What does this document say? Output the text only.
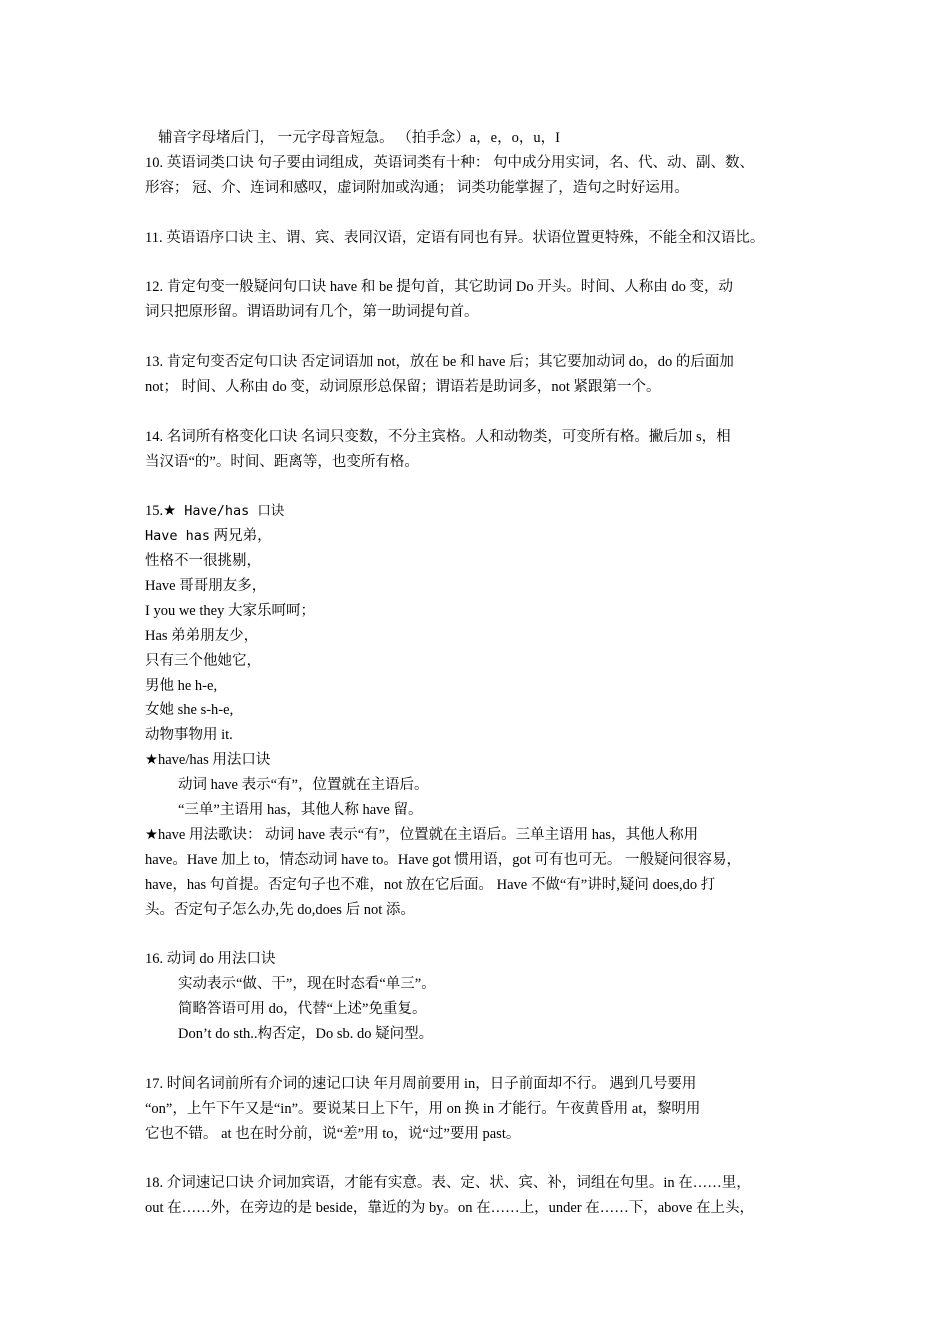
辅音字母堵后门， 一元字母音短急。 （拍手念）a，e，o，u，I
10. 英语词类口诀 句子要由词组成，英语词类有十种： 句中成分用实词，名、代、动、副、数、
形容； 冠、介、连词和感叹，虚词附加或沟通； 词类功能掌握了，造句之时好运用。
11. 英语语序口诀 主、谓、宾、表同汉语，定语有同也有异。状语位置更特殊，不能全和汉语比。
12. 肯定句变一般疑问句口诀 have 和 be 提句首，其它助词 Do 开头。时间、人称由 do 变，动
词只把原形留。谓语助词有几个，第一助词提句首。
13. 肯定句变否定句口诀 否定词语加 not，放在 be 和 have 后；其它要加动词 do，do 的后面加
not； 时间、人称由 do 变，动词原形总保留；谓语若是助词多，not 紧跟第一个。
14. 名词所有格变化口诀 名词只变数，不分主宾格。人和动物类，可变所有格。撇后加 s，相
当汉语“的”。时间、距离等，也变所有格。
15.★ Have/has 口诀
Have has 两兄弟，
性格不一很挑剔，
Have 哥哥朋友多，
I you we they 大家乐呵呵；
Has 弟弟朋友少，
只有三个他她它，
男他 he h-e,
女她 she s-h-e,
动物事物用 it.
★have/has 用法口诀
动词 have 表示“有”，位置就在主语后。
“三单”主语用 has，其他人称 have 留。
★have 用法歌诀： 动词 have 表示“有”，位置就在主语后。三单主语用 has，其他人称用
have。Have 加上 to，情态动词 have to。Have got 惯用语，got 可有也可无。 一般疑问很容易，
have，has 句首提。否定句子也不难，not 放在它后面。 Have 不做“有”讲时,疑问 does,do 打
头。否定句子怎么办,先 do,does 后 not 添。
16. 动词 do 用法口诀
实动表示“做、干”，现在时态看“单三”。
简略答语可用 do，代替“上述”免重复。
Don’t do sth..构否定，Do sb. do 疑问型。
17. 时间名词前所有介词的速记口诀 年月周前要用 in，日子前面却不行。 遇到几号要用
“on”，上午下午又是“in”。要说某日上下午，用 on 换 in 才能行。午夜黄昏用 at，黎明用
它也不错。 at 也在时分前，说“差”用 to，说“过”要用 past。
18. 介词速记口诀 介词加宾语，才能有实意。表、定、状、宾、补，词组在句里。in 在……里，
out 在……外，在旁边的是 beside，靠近的为 by。on 在……上，under 在……下，above 在上头，
